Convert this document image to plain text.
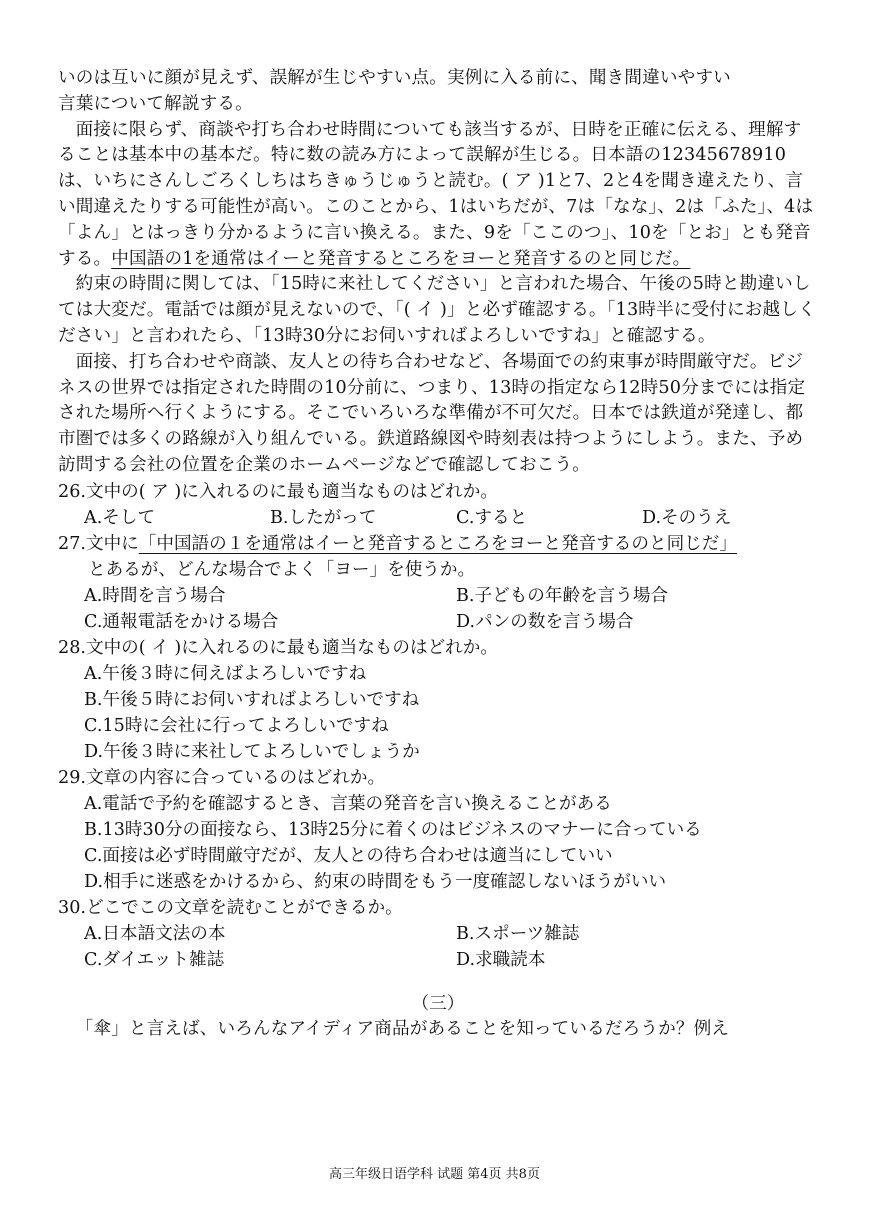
いのは互いに顔が見えず、誤解が生じやすい点。実例に入る前に、聞き間違いやすい
言葉について解説する。

面接に限らず、商談や打ち合わせ時間についても該当するが、日時を正確に伝える、理解することは基本中の基本だ。特に数の読み方によって誤解が生じる。日本語の12345678910は、いちにさんしごろくしちはちきゅうじゅうと読む。( ア )1と7、2と4を聞き違えたり、言い間違えたりする可能性が高い。このことから、1はいちだが、7は「なな」、2は「ふた」、4は「よん」とはっきり分かるように言い換える。また、9を「ここのつ」、10を「とお」とも発音する。中国語の1を通常はイーと発音するところをヨーと発音するのと同じだ。

約束の時間に関しては、「15時に来社してください」と言われた場合、午後の5時と勘違いしては大変だ。電話では顔が見えないので、「( イ )」と必ず確認する。「13時半に受付にお越しください」と言われたら、「13時30分にお伺いすればよろしいですね」と確認する。

面接、打ち合わせや商談、友人との待ち合わせなど、各場面での約束事が時間厳守だ。ビジネスの世界では指定された時間の10分前に、つまり、13時の指定なら12時50分までには指定された場所へ行くようにする。そこでいろいろな準備が不可欠だ。日本では鉄道が発達し、都市圏では多くの路線が入り組んでいる。鉄道路線図や時刻表は持つようにしよう。また、予め訪問する会社の位置を企業のホームページなどで確認しておこう。

26.文中の( ア )に入れるのに最も適当なものはどれか。

A.そして	B.したがって	C.すると	D.そのうえ

27.文中に「中国語の１を通常はイーと発音するところをヨーと発音するのと同じだ」

とあるが、どんな場合でよく「ヨー」を使うか。

A.時間を言う場合	B.子どもの年齢を言う場合
C.通報電話をかける場合	D.パンの数を言う場合

28.文中の( イ )に入れるのに最も適当なものはどれか。

A.午後３時に伺えばよろしいですね
B.午後５時にお伺いすればよろしいですね
C.15時に会社に行ってよろしいですね
D.午後３時に来社してよろしいでしょうか

29.文章の内容に合っているのはどれか。

A.電話で予約を確認するとき、言葉の発音を言い換えることがある
B.13時30分の面接なら、13時25分に着くのはビジネスのマナーに合っている
C.面接は必ず時間厳守だが、友人との待ち合わせは適当にしていい
D.相手に迷惑をかけるから、約束の時間をもう一度確認しないほうがいい

30.どこでこの文章を読むことができるか。

A.日本語文法の本	B.スポーツ雑誌
C.ダイエット雑誌	D.求職読本
（三）

「傘」と言えば、いろんなアイディア商品があることを知っているだろうか？例え

高三年级日语学科 试题 第4页 共8页
